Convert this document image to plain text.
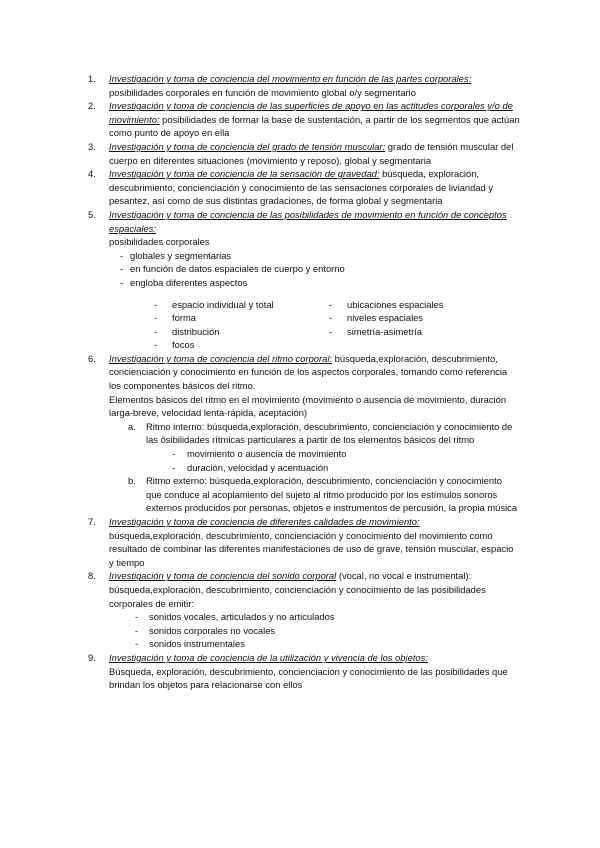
1. Investigación y toma de conciencia del movimiento en función de las partes corporales: posibilidades corporales en función de movimiento global o/y segmentario
2. Investigación y toma de conciencia de las superficies de apoyo en las actitudes corporales y/o de movimiento: posibilidades de formar la base de sustentación, a partir de los segmentos que actúan como punto de apoyo en ella
3. Investigación y toma de conciencia del grado de tensión muscular: grado de tensión muscular del cuerpo en diferentes situaciones (movimiento y reposo), global y segmentaria
4. Investigación y toma de conciencia de la sensación de gravedad: búsqueda, exploración, descubrimiento, concienciación y conocimiento de las sensaciones corporales de liviandad y pesantez, así como de sus distintas gradaciones, de forma global y segmentaria
5. Investigación y toma de conciencia de las posibilidades de movimiento en función de conceptos espaciales:
posibilidades corporales
- globales y segmentarias
- en función de datos espaciales de cuerpo y entorno
- engloba diferentes aspectos
- espacio individual y total
- forma
- distribución
- focos
- ubicaciones espaciales
- niveles espaciales
- simetría-asimetría
6. Investigación y toma de conciencia del ritmo corporal: búsqueda,exploración, descubrimiento, concienciación y conocimiento en función de los aspectos corporales, tomando como referencia los componentes básicos del ritmo.
Elementos básicos del ritmo en el movimiento (movimiento o ausencia de movimiento, duración larga-breve, velocidad lenta-rápida, aceptación)
a. Ritmo interno: búsqueda,exploración, descubrimiento, concienciación y conocimiento de las ôsibilidades rítmicas particulares a partir de los elementos básicos del ritmo
- movimiento o ausencia de movimiento
- duración, velocidad y acentuación
b. Ritmo externo: búsqueda,exploración, descubrimiento, concienciación y conocimiento que conduce al acoplamiento del sujeto al ritmo producido por los estímulos sonoros externos producidos por personas, objetos e instrumentos de percusión, la propia música
7. Investigación y toma de conciencia de diferentes calidades de movimiento:
búsqueda,exploración, descubrimiento, concienciación y conocimiento del movimiento como resultado de combinar las diferentes manifestaciones de uso de grave, tensión muscular, espacio y tiempo
8. Investigación y toma de conciencia del sonido corporal (vocal, no vocal e instrumental): búsqueda,exploración, descubrimiento, concienciación y conocimiento de las posibilidades corporales de emitir:
- sonidos vocales, articulados y no articulados
- sonidos corporales no vocales
- sonidos instrumentales
9. Investigación y toma de conciencia de la utilización y vivencia de los objetos:
Búsqueda, exploración, descubrimiento, concienciación y conocimiento de las posibilidades que brindan los objetos para relacionarse con ellos
